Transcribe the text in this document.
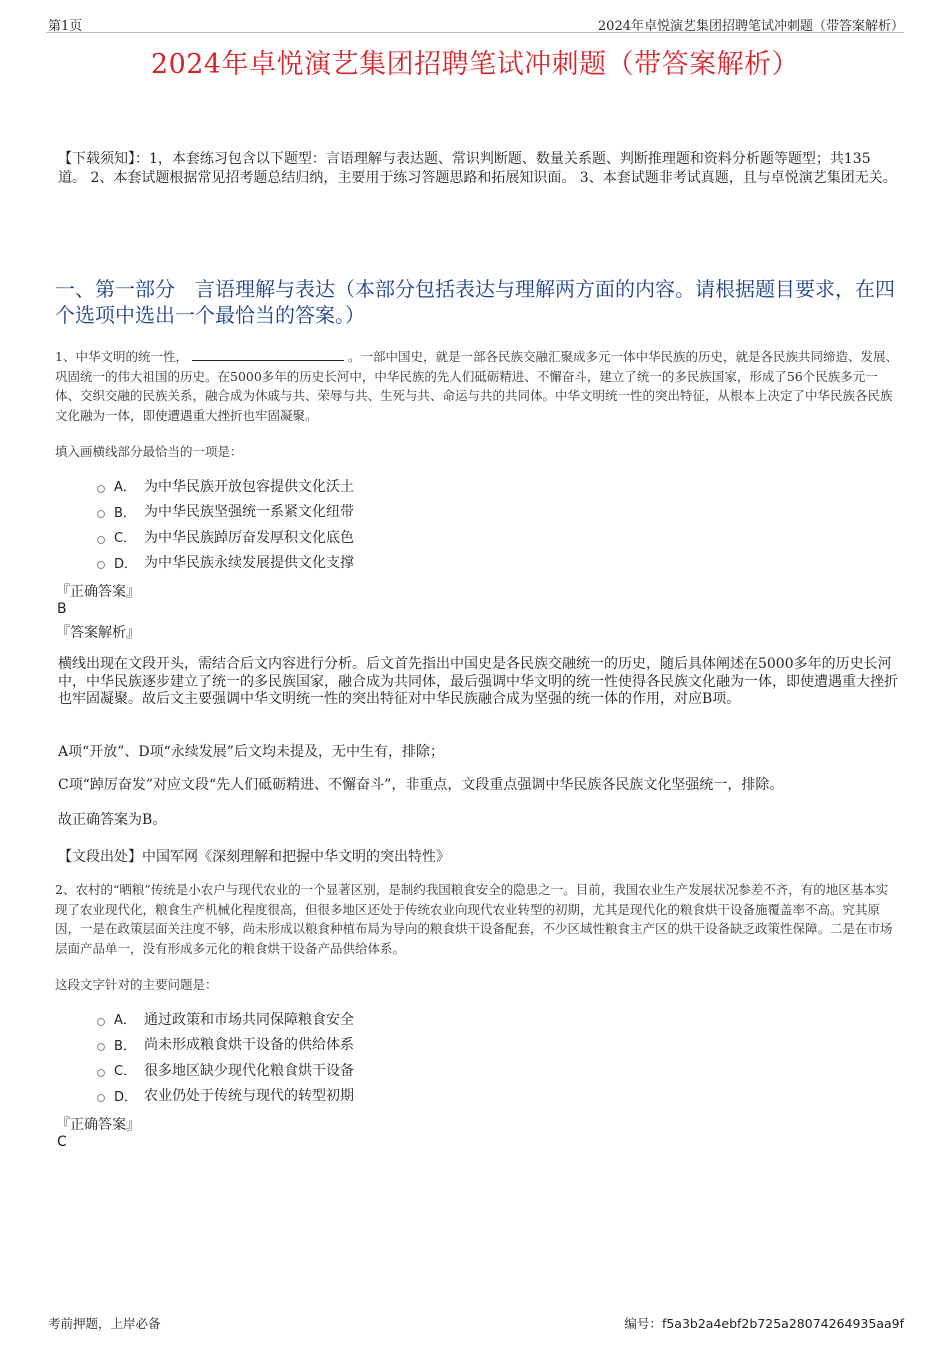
第1页	2024年卓悦演艺集团招聘笔试冲刺题（带答案解析）
2024年卓悦演艺集团招聘笔试冲刺题（带答案解析）
【下载须知】：1，本套练习包含以下题型：言语理解与表达题、常识判断题、数量关系题、判断推理题和资料分析题等题型；共135道。 2、本套试题根据常见招考题总结归纳，主要用于练习答题思路和拓展知识面。 3、本套试题非考试真题，且与卓悦演艺集团无关。
一、第一部分　言语理解与表达（本部分包括表达与理解两方面的内容。请根据题目要求，在四个选项中选出一个最恰当的答案。）
1、中华文明的统一性，	。一部中国史，就是一部各民族交融汇聚成多元一体中华民族的历史，就是各民族共同缔造、发展、巩固统一的伟大祖国的历史。在5000多年的历史长河中，中华民族的先人们砥砺精进、不懈奋斗，建立了统一的多民族国家，形成了56个民族多元一体、交织交融的民族关系，融合成为休戚与共、荣辱与共、生死与共、命运与共的共同体。中华文明统一性的突出特征，从根本上决定了中华民族各民族文化融为一体，即使遭遇重大挫折也牢固凝聚。
填入画横线部分最恰当的一项是：
A． 为中华民族开放包容提供文化沃土
B． 为中华民族坚强统一系紧文化纽带
C． 为中华民族踔厉奋发厚积文化底色
D． 为中华民族永续发展提供文化支撑
『正确答案』
B
『答案解析』
横线出现在文段开头，需结合后文内容进行分析。后文首先指出中国史是各民族交融统一的历史，随后具体阐述在5000多年的历史长河中，中华民族逐步建立了统一的多民族国家，融合成为共同体，最后强调中华文明的统一性使得各民族文化融为一体，即使遭遇重大挫折也牢固凝聚。故后文主要强调中华文明统一性的突出特征对中华民族融合成为坚强的统一体的作用，对应B项。
A项“开放”、D项“永续发展”后文均未提及，无中生有，排除；
C项“踔厉奋发”对应文段“先人们砥砺精进、不懈奋斗”，非重点，文段重点强调中华民族各民族文化坚强统一，排除。
故正确答案为B。
【文段出处】中国军网《深刻理解和把握中华文明的突出特性》
2、农村的“晒粮”传统是小农户与现代农业的一个显著区别，是制约我国粮食安全的隐患之一。目前，我国农业生产发展状况参差不齐，有的地区基本实现了农业现代化，粮食生产机械化程度很高，但很多地区还处于传统农业向现代农业转型的初期，尤其是现代化的粮食烘干设备施覆盖率不高。究其原因，一是在政策层面关注度不够，尚未形成以粮食种植布局为导向的粮食烘干设备配套，不少区域性粮食主产区的烘干设备缺乏政策性保障。二是在市场层面产品单一，没有形成多元化的粮食烘干设备产品供给体系。
这段文字针对的主要问题是：
A． 通过政策和市场共同保障粮食安全
B． 尚未形成粮食烘干设备的供给体系
C． 很多地区缺少现代化粮食烘干设备
D． 农业仍处于传统与现代的转型初期
『正确答案』
C
考前押题，上岸必备	编号：f5a3b2a4ebf2b725a28074264935aa9f
